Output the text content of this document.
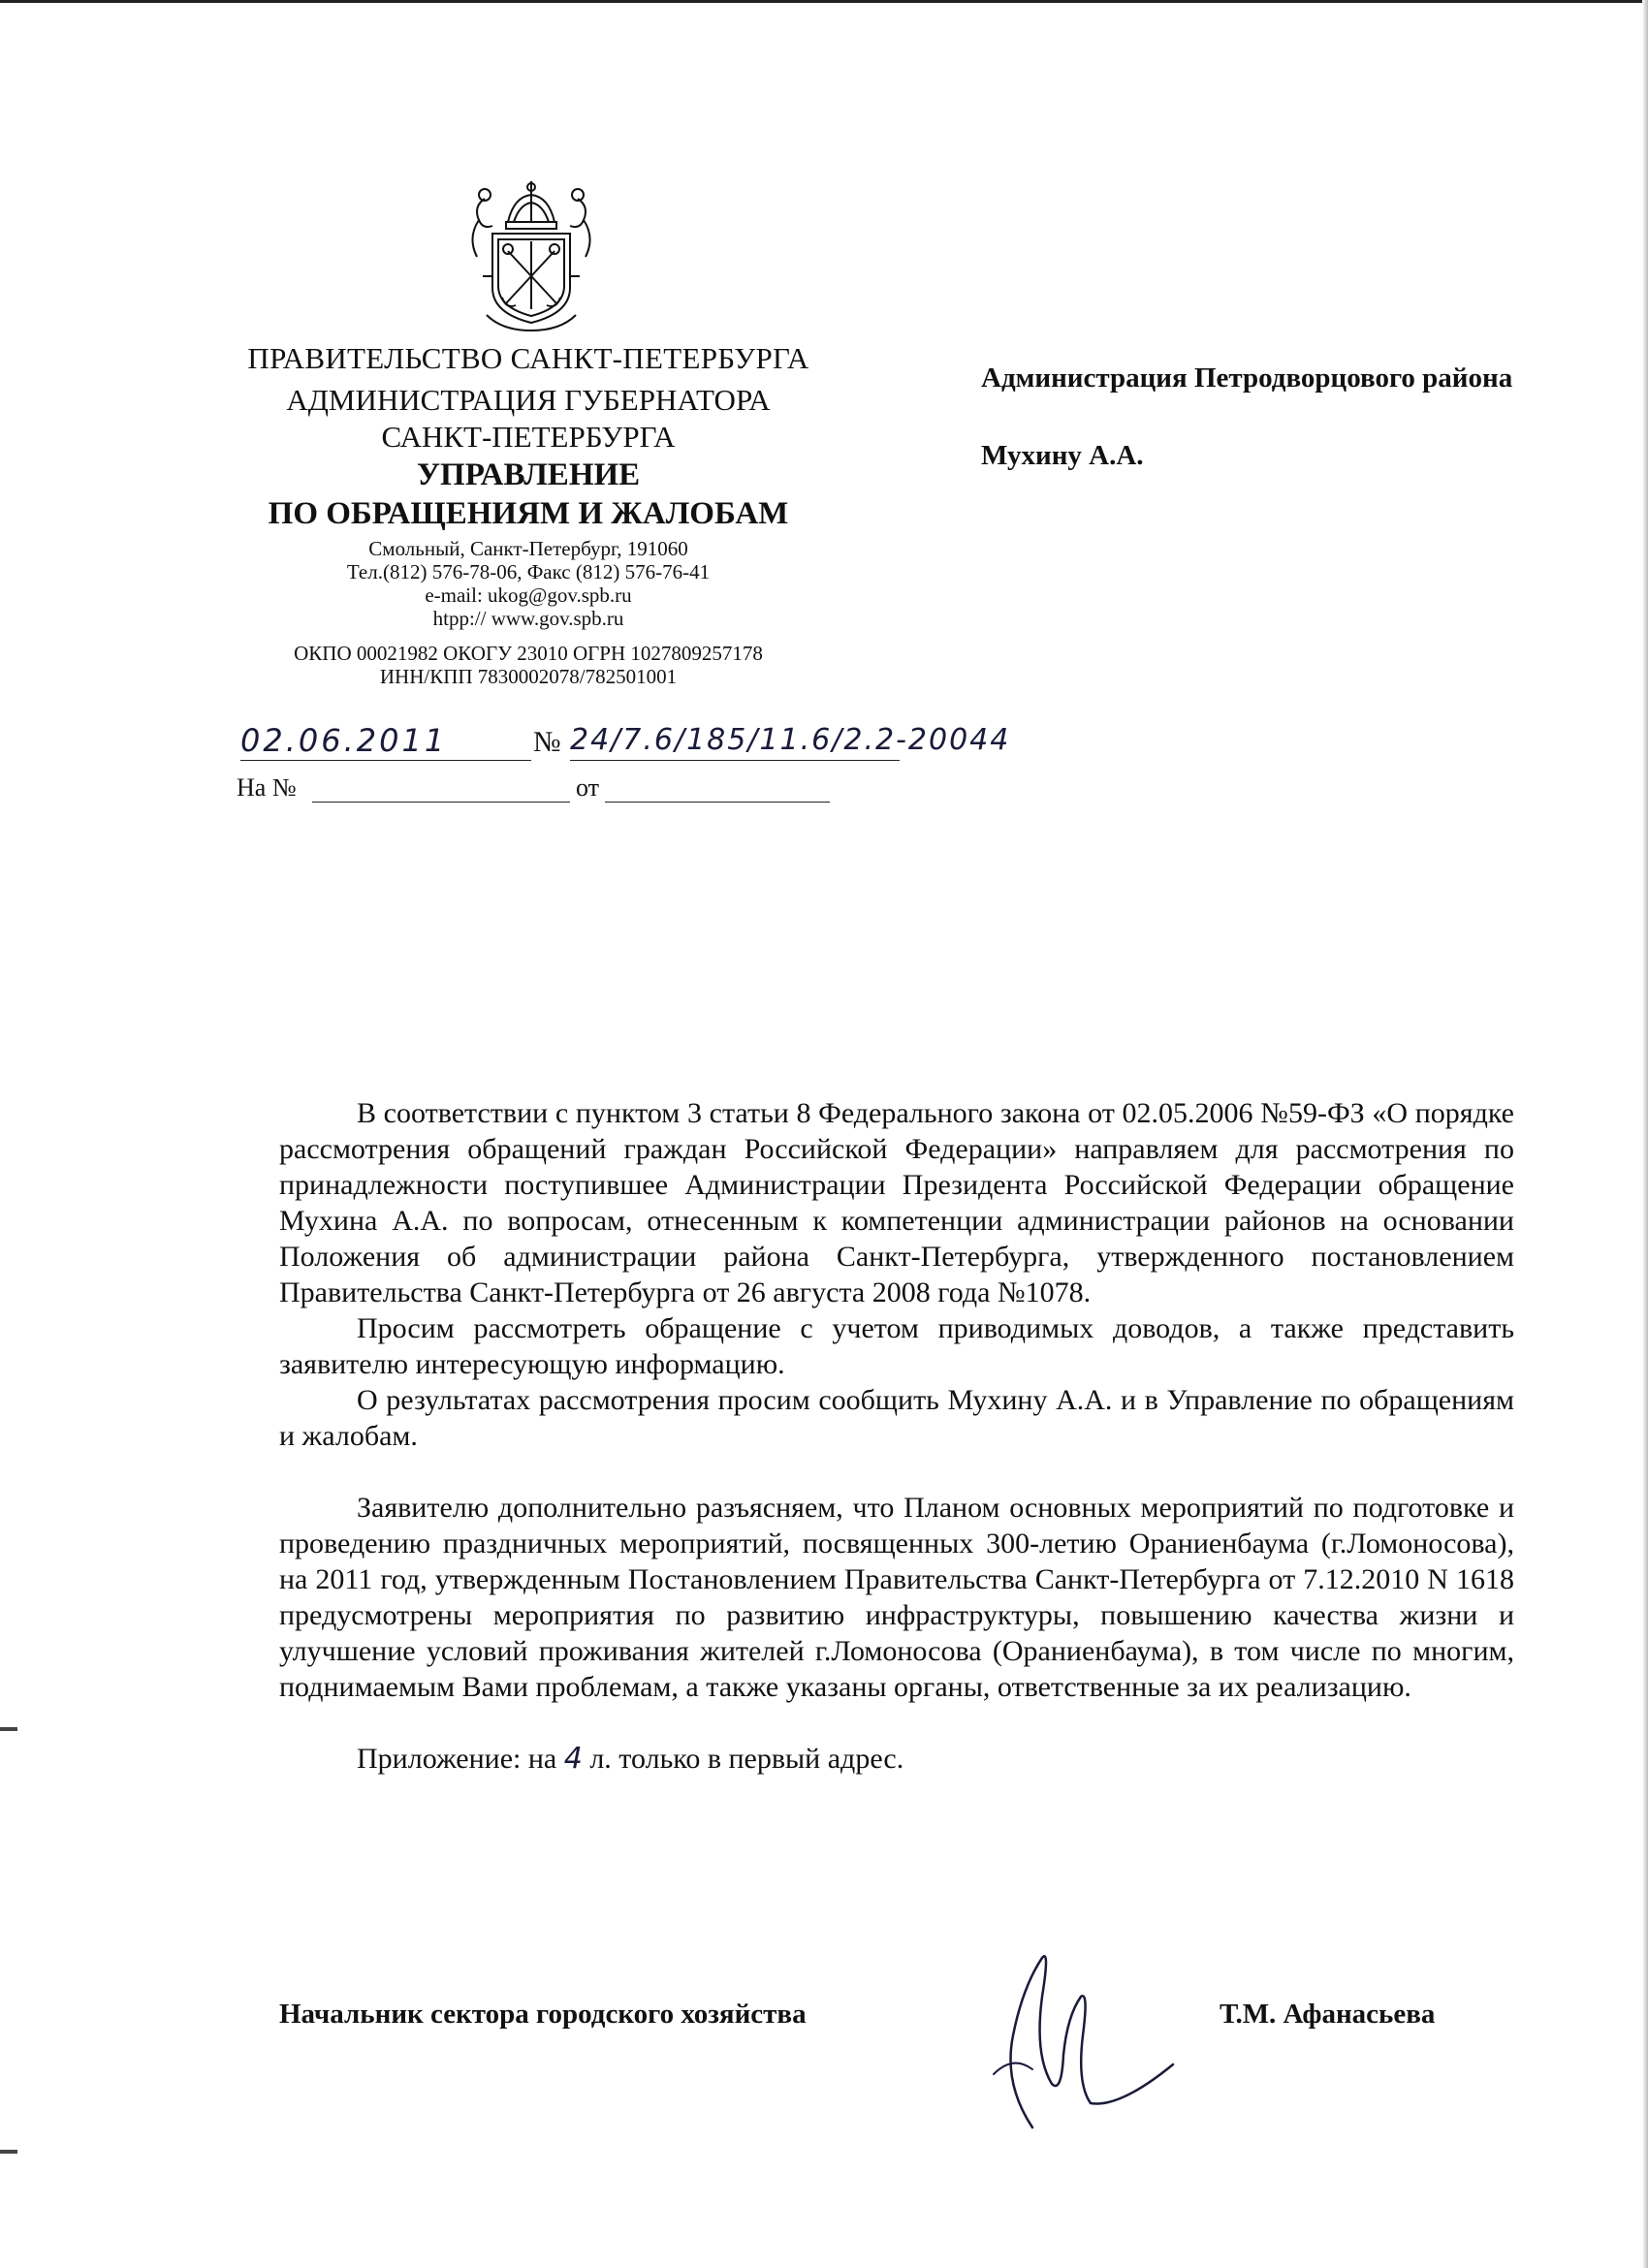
ПРАВИТЕЛЬСТВО САНКТ-ПЕТЕРБУРГА
АДМИНИСТРАЦИЯ ГУБЕРНАТОРА
САНКТ-ПЕТЕРБУРГА
УПРАВЛЕНИЕ
ПО ОБРАЩЕНИЯМ И ЖАЛОБАМ
Смольный, Санкт-Петербург, 191060
Тел.(812) 576-78-06, Факс (812) 576-76-41
e-mail: ukog@gov.spb.ru
htpp:// www.gov.spb.ru
ОКПО 00021982 ОКОГУ 23010 ОГРН 1027809257178
ИНН/КПП 7830002078/782501001
02.06.2011	№ 24/7.6/185/11.6/2.2-20044
На №	от
Администрация Петродворцового района
Мухину А.А.

В соответствии с пунктом 3 статьи 8 Федерального закона от 02.05.2006 №59-ФЗ «О порядке рассмотрения обращений граждан Российской Федерации» направляем для рассмотрения по принадлежности поступившее Администрации Президента Российской Федерации обращение Мухина А.А. по вопросам, отнесенным к компетенции администрации районов на основании Положения об администрации района Санкт-Петербурга, утвержденного постановлением Правительства Санкт-Петербурга от 26 августа 2008 года №1078.

Просим рассмотреть обращение с учетом приводимых доводов, а также представить заявителю интересующую информацию.

О результатах рассмотрения просим сообщить Мухину А.А. и в Управление по обращениям и жалобам.

Заявителю дополнительно разъясняем, что Планом основных мероприятий по подготовке и проведению праздничных мероприятий, посвященных 300-летию Ораниенбаума (г.Ломоносова), на 2011 год, утвержденным Постановлением Правительства Санкт-Петербурга от 7.12.2010 N 1618 предусмотрены мероприятия по развитию инфраструктуры, повышению качества жизни и улучшение условий проживания жителей г.Ломоносова (Ораниенбаума), в том числе по многим, поднимаемым Вами проблемам, а также указаны органы, ответственные за их реализацию.

Приложение: на 4 л. только в первый адрес.

Начальник сектора городского хозяйства	Т.М. Афанасьева
